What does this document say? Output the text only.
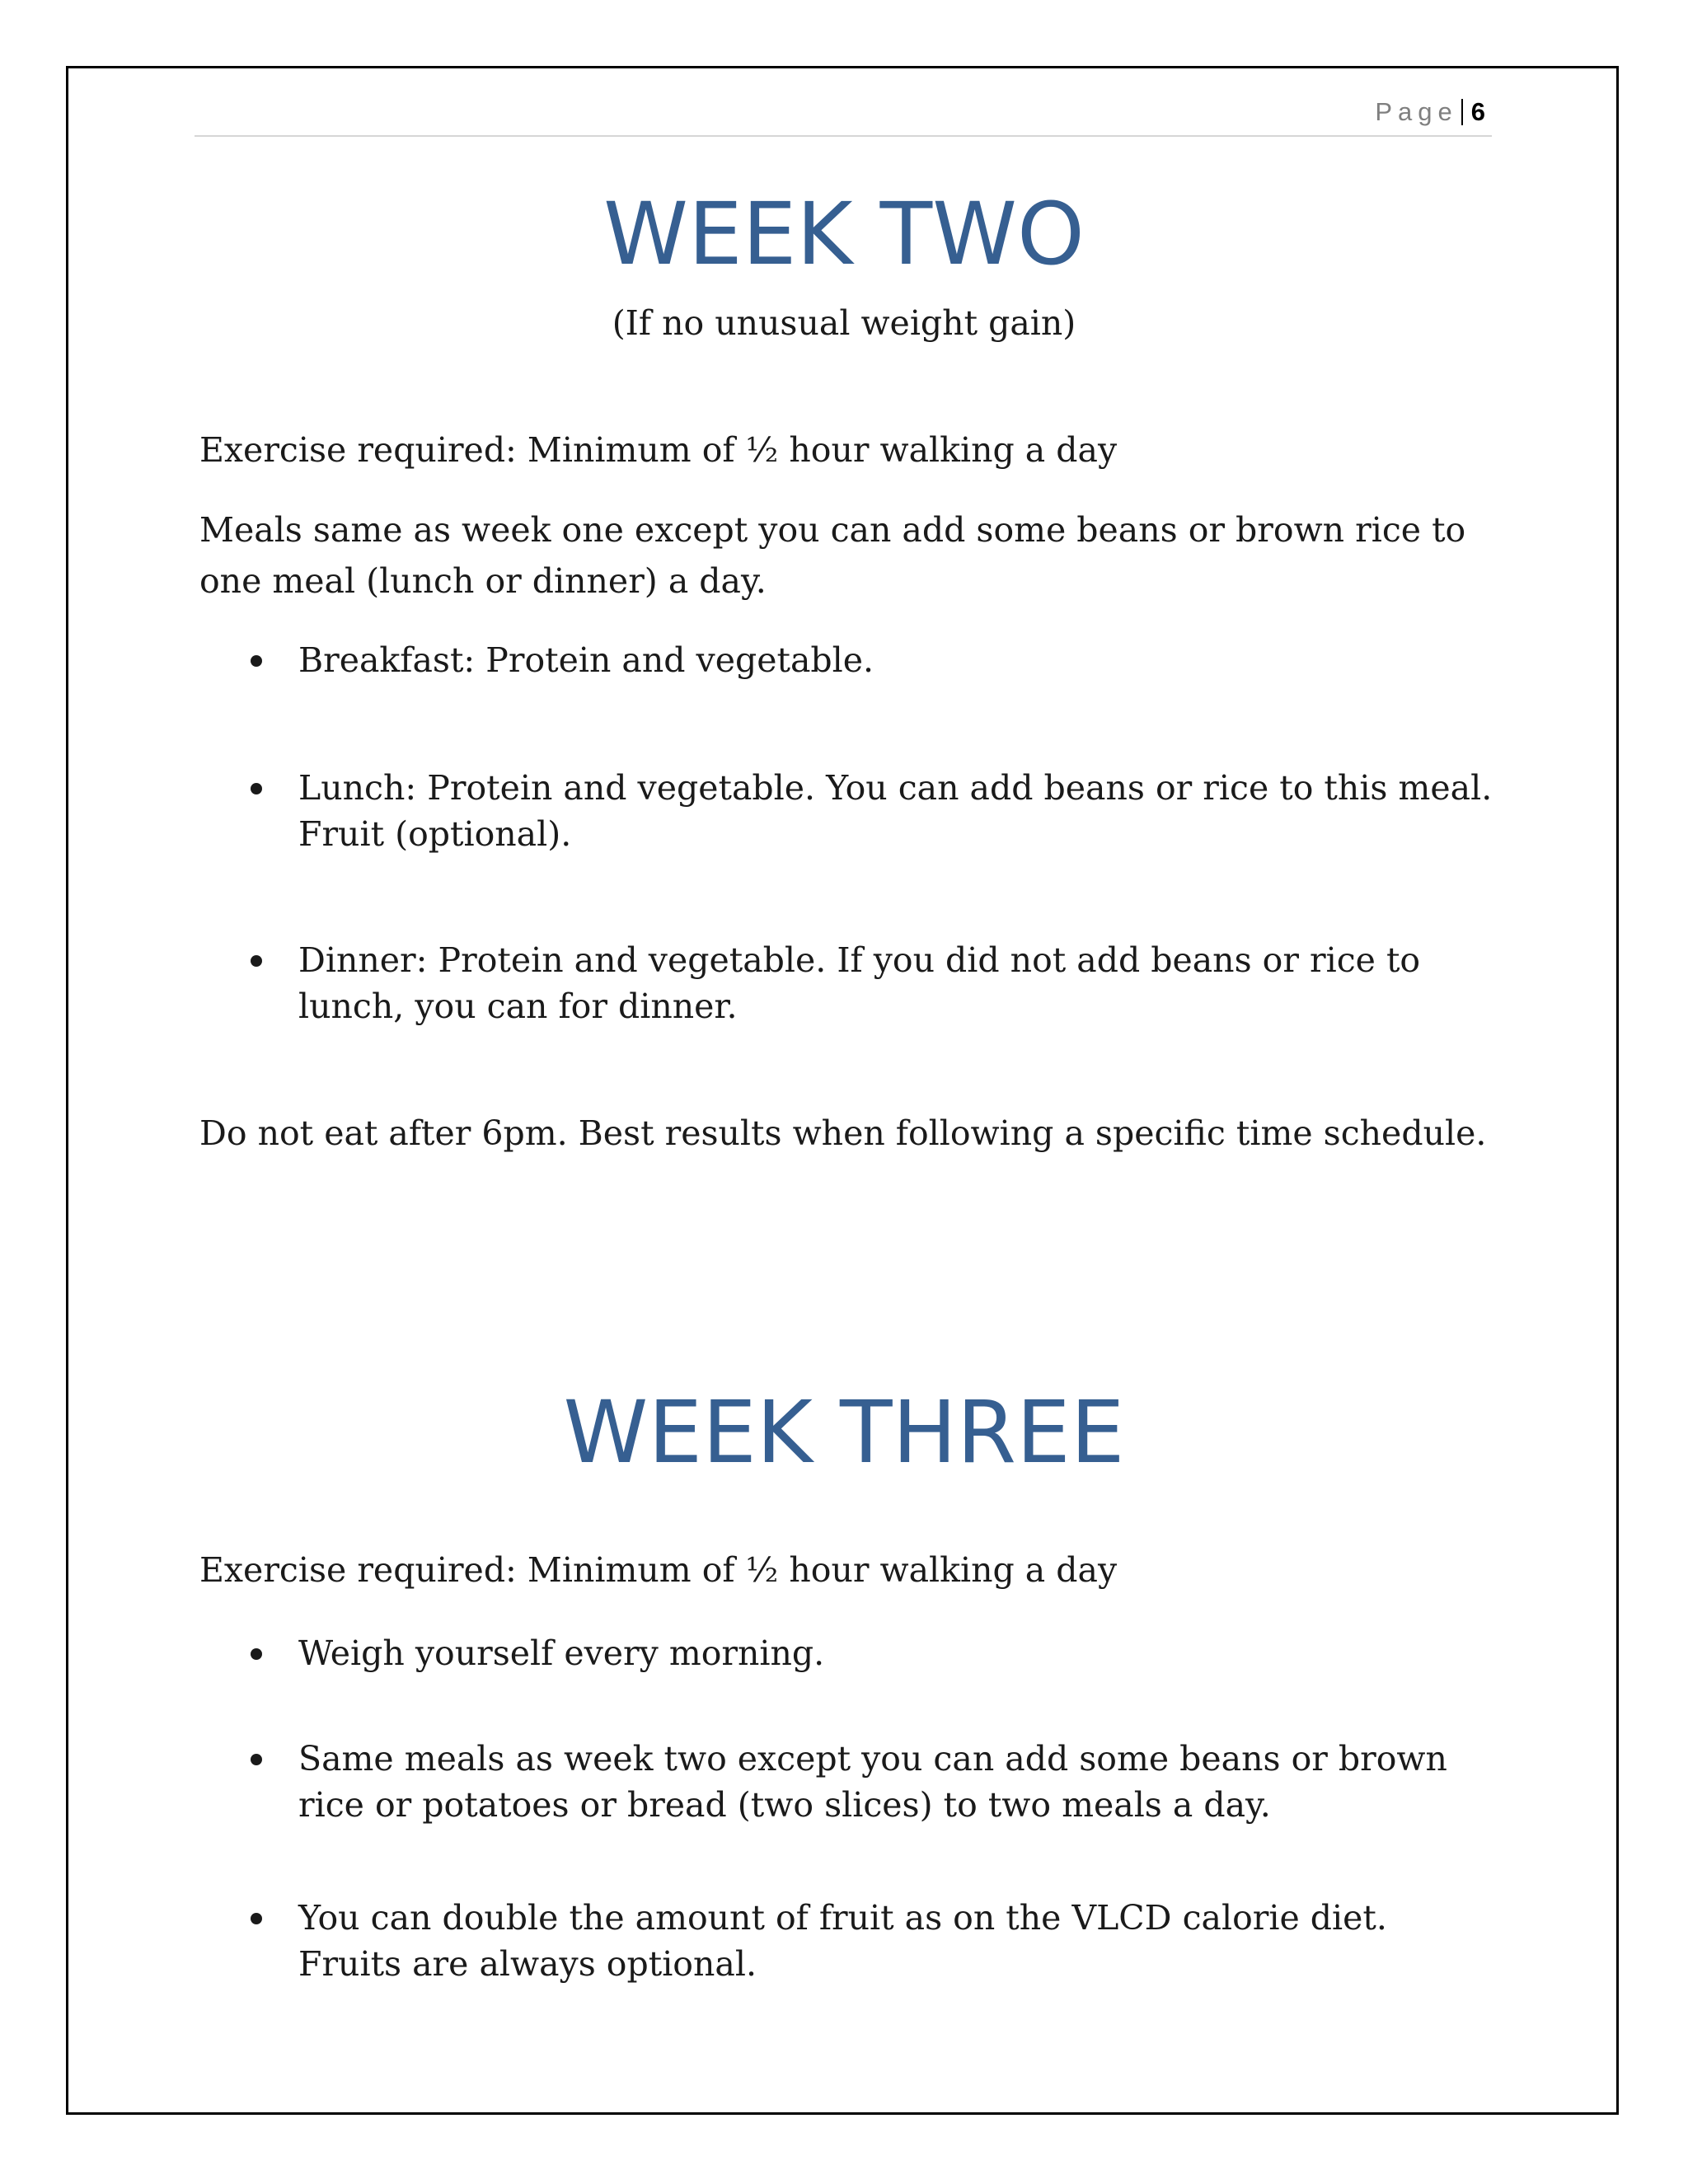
Page 6
WEEK TWO
(If no unusual weight gain)

Exercise required: Minimum of ½ hour walking a day

Meals same as week one except you can add some beans or brown rice to one meal (lunch or dinner) a day.

Breakfast: Protein and vegetable.
Lunch: Protein and vegetable. You can add beans or rice to this meal. Fruit (optional).
Dinner: Protein and vegetable. If you did not add beans or rice to lunch, you can for dinner.

Do not eat after 6pm. Best results when following a specific time schedule.

WEEK THREE

Exercise required: Minimum of ½ hour walking a day

Weigh yourself every morning.
Same meals as week two except you can add some beans or brown rice or potatoes or bread (two slices) to two meals a day.
You can double the amount of fruit as on the VLCD calorie diet. Fruits are always optional.
